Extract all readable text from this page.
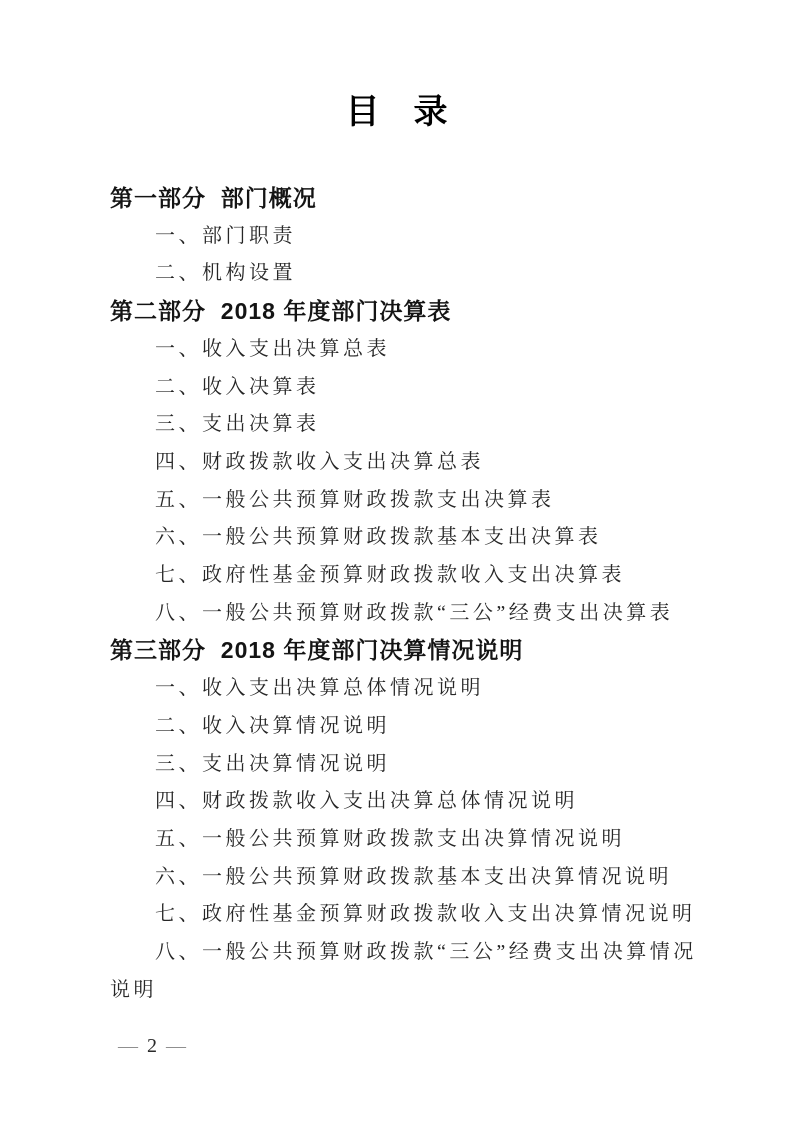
目录

第一部分  部门概况

一、部门职责

二、机构设置

第二部分  2018 年度部门决算表

一、收入支出决算总表

二、收入决算表

三、支出决算表

四、财政拨款收入支出决算总表

五、一般公共预算财政拨款支出决算表

六、一般公共预算财政拨款基本支出决算表

七、政府性基金预算财政拨款收入支出决算表

八、一般公共预算财政拨款“三公”经费支出决算表

第三部分  2018 年度部门决算情况说明

一、收入支出决算总体情况说明

二、收入决算情况说明

三、支出决算情况说明

四、财政拨款收入支出决算总体情况说明

五、一般公共预算财政拨款支出决算情况说明

六、一般公共预算财政拨款基本支出决算情况说明

七、政府性基金预算财政拨款收入支出决算情况说明

八、一般公共预算财政拨款“三公”经费支出决算情况

说明

— 2 —
